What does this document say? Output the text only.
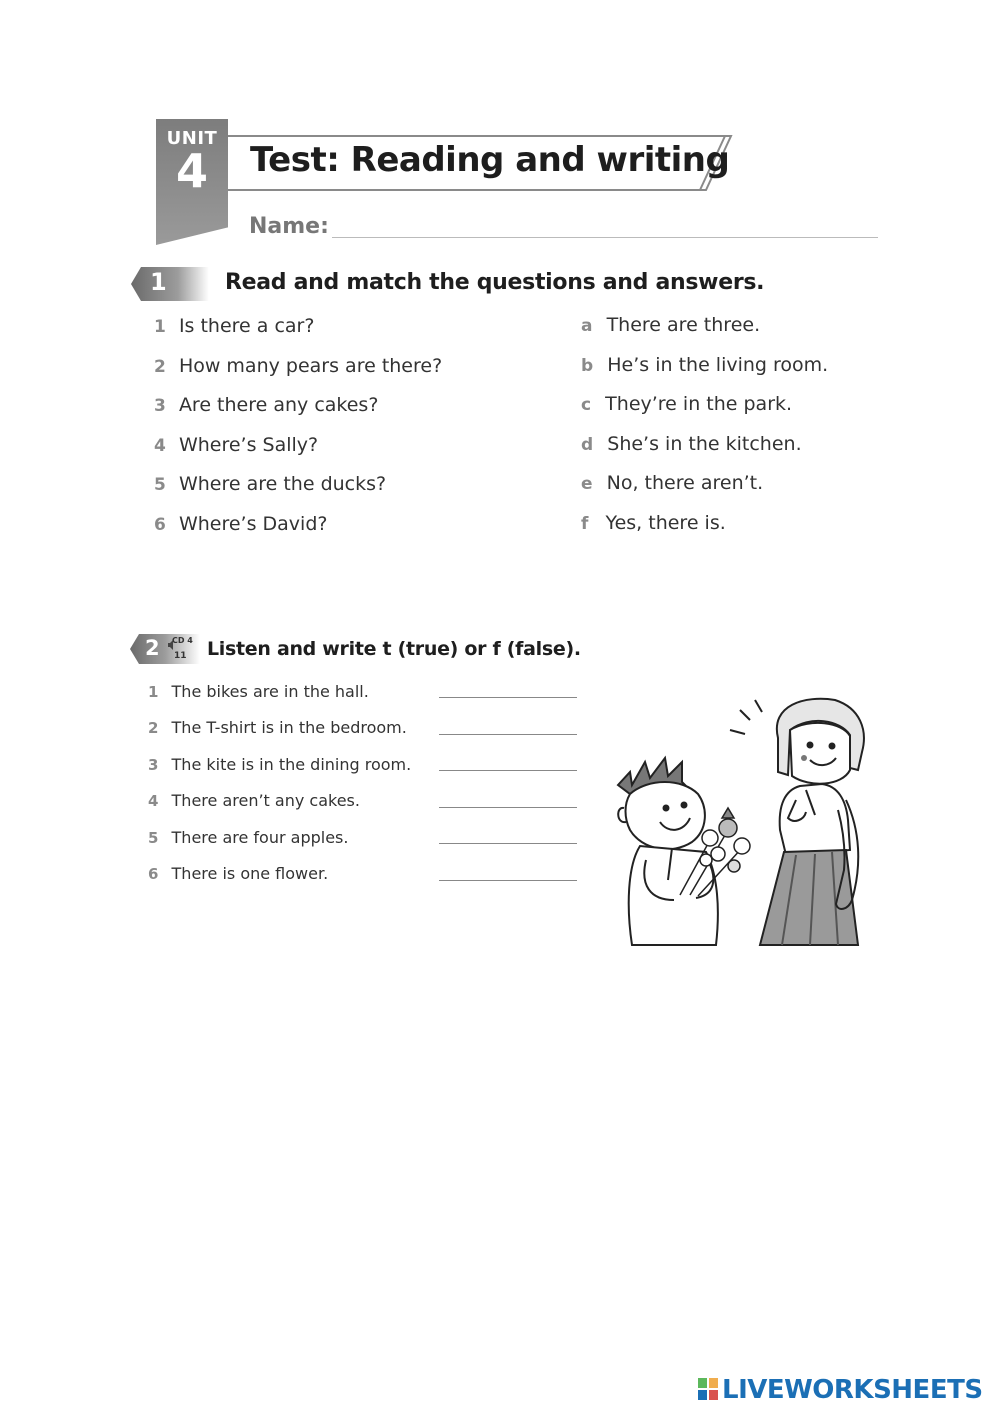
UNIT
4	Test: Reading and writing
Name:
1	Read and match the questions and answers.
1 Is there a car?
2 How many pears are there?
3 Are there any cakes?
4 Where’s Sally?
5 Where are the ducks?
6 Where’s David?
a There are three.
b He’s in the living room.
c They’re in the park.
d She’s in the kitchen.
e No, there aren’t.
f Yes, there is.
2 CD 4
11 Listen and write t (true) or f (false).
1 The bikes are in the hall.
2 The T-shirt is in the bedroom.
3 The kite is in the dining room.
4 There aren’t any cakes.
5 There are four apples.
6 There is one flower.
LIVEWORKSHEETS
